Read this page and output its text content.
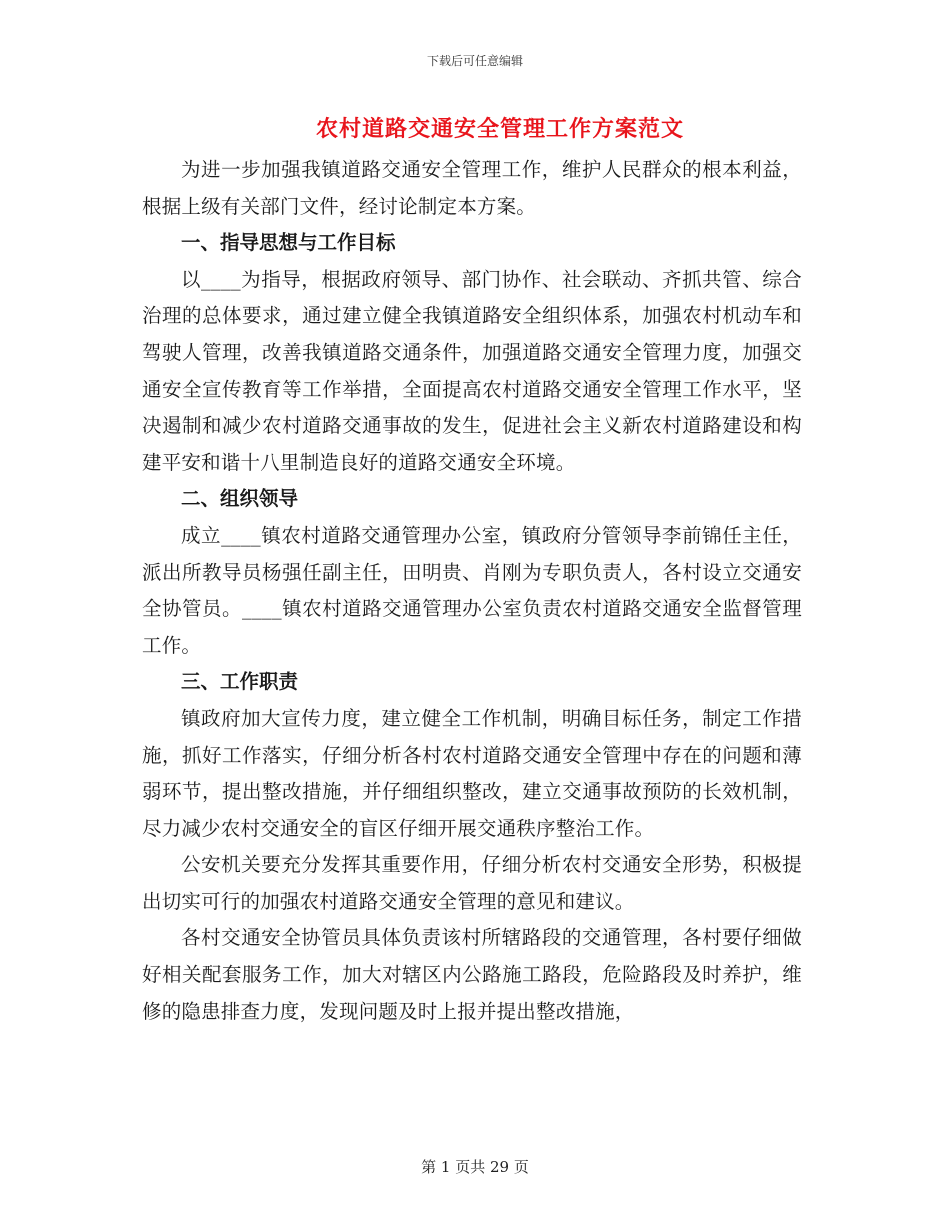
下载后可任意编辑
农村道路交通安全管理工作方案范文

为进一步加强我镇道路交通安全管理工作，维护人民群众的根本利益，根据上级有关部门文件，经讨论制定本方案。

一、指导思想与工作目标

以____为指导，根据政府领导、部门协作、社会联动、齐抓共管、综合治理的总体要求，通过建立健全我镇道路安全组织体系，加强农村机动车和驾驶人管理，改善我镇道路交通条件，加强道路交通安全管理力度，加强交通安全宣传教育等工作举措，全面提高农村道路交通安全管理工作水平，坚决遏制和减少农村道路交通事故的发生，促进社会主义新农村道路建设和构建平安和谐十八里制造良好的道路交通安全环境。

二、组织领导

成立____镇农村道路交通管理办公室，镇政府分管领导李前锦任主任，派出所教导员杨强任副主任，田明贵、肖刚为专职负责人，各村设立交通安全协管员。____镇农村道路交通管理办公室负责农村道路交通安全监督管理工作。

三、工作职责

镇政府加大宣传力度，建立健全工作机制，明确目标任务，制定工作措施，抓好工作落实，仔细分析各村农村道路交通安全管理中存在的问题和薄弱环节，提出整改措施，并仔细组织整改，建立交通事故预防的长效机制，尽力减少农村交通安全的盲区仔细开展交通秩序整治工作。

公安机关要充分发挥其重要作用，仔细分析农村交通安全形势，积极提出切实可行的加强农村道路交通安全管理的意见和建议。

各村交通安全协管员具体负责该村所辖路段的交通管理，各村要仔细做好相关配套服务工作，加大对辖区内公路施工路段，危险路段及时养护，维修的隐患排查力度，发现问题及时上报并提出整改措施，

第 1 页共 29 页
